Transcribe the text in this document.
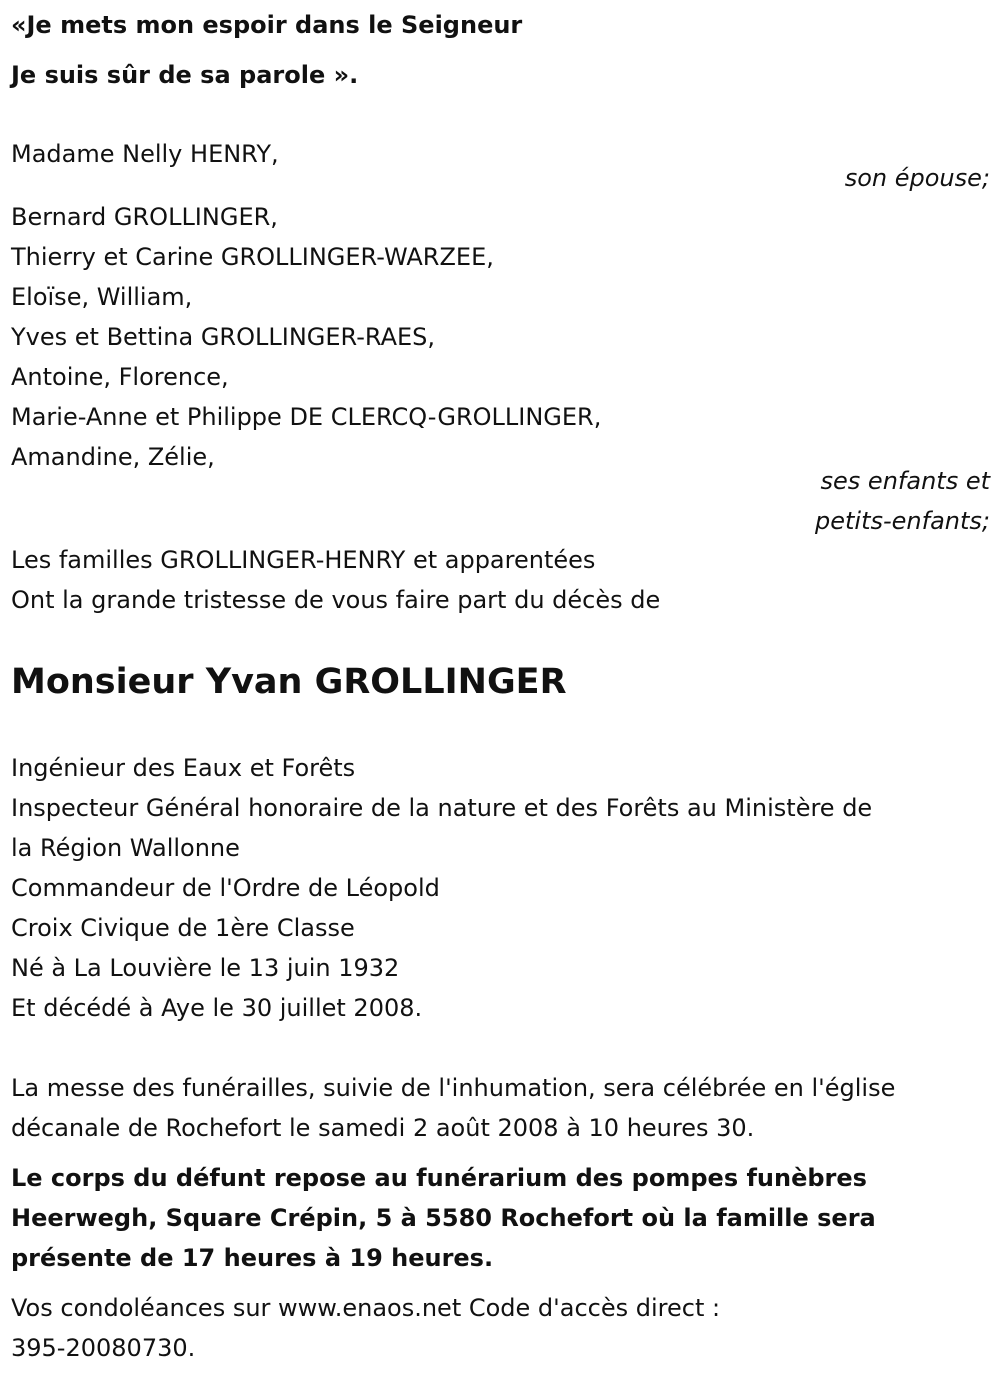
«Je mets mon espoir dans le Seigneur
Je suis sûr de sa parole ».
Madame Nelly HENRY,
son épouse;
Bernard GROLLINGER,
Thierry et Carine GROLLINGER-WARZEE,
Eloïse, William,
Yves et Bettina GROLLINGER-RAES,
Antoine, Florence,
Marie-Anne et Philippe DE CLERCQ-GROLLINGER,
Amandine, Zélie,
ses enfants et
petits-enfants;
Les familles GROLLINGER-HENRY et apparentées
Ont la grande tristesse de vous faire part du décès de
Monsieur Yvan GROLLINGER
Ingénieur des Eaux et Forêts
Inspecteur Général honoraire de la nature et des Forêts au Ministère de
la Région Wallonne
Commandeur de l'Ordre de Léopold
Croix Civique de 1ère Classe
Né à La Louvière le 13 juin 1932
Et décédé à Aye le 30 juillet 2008.
La messe des funérailles, suivie de l'inhumation, sera célébrée en l'église
décanale de Rochefort le samedi 2 août 2008 à 10 heures 30.
Le corps du défunt repose au funérarium des pompes funèbres
Heerwegh, Square Crépin, 5 à 5580 Rochefort où la famille sera
présente de 17 heures à 19 heures.
Vos condoléances sur www.enaos.net Code d'accès direct :
395-20080730.
